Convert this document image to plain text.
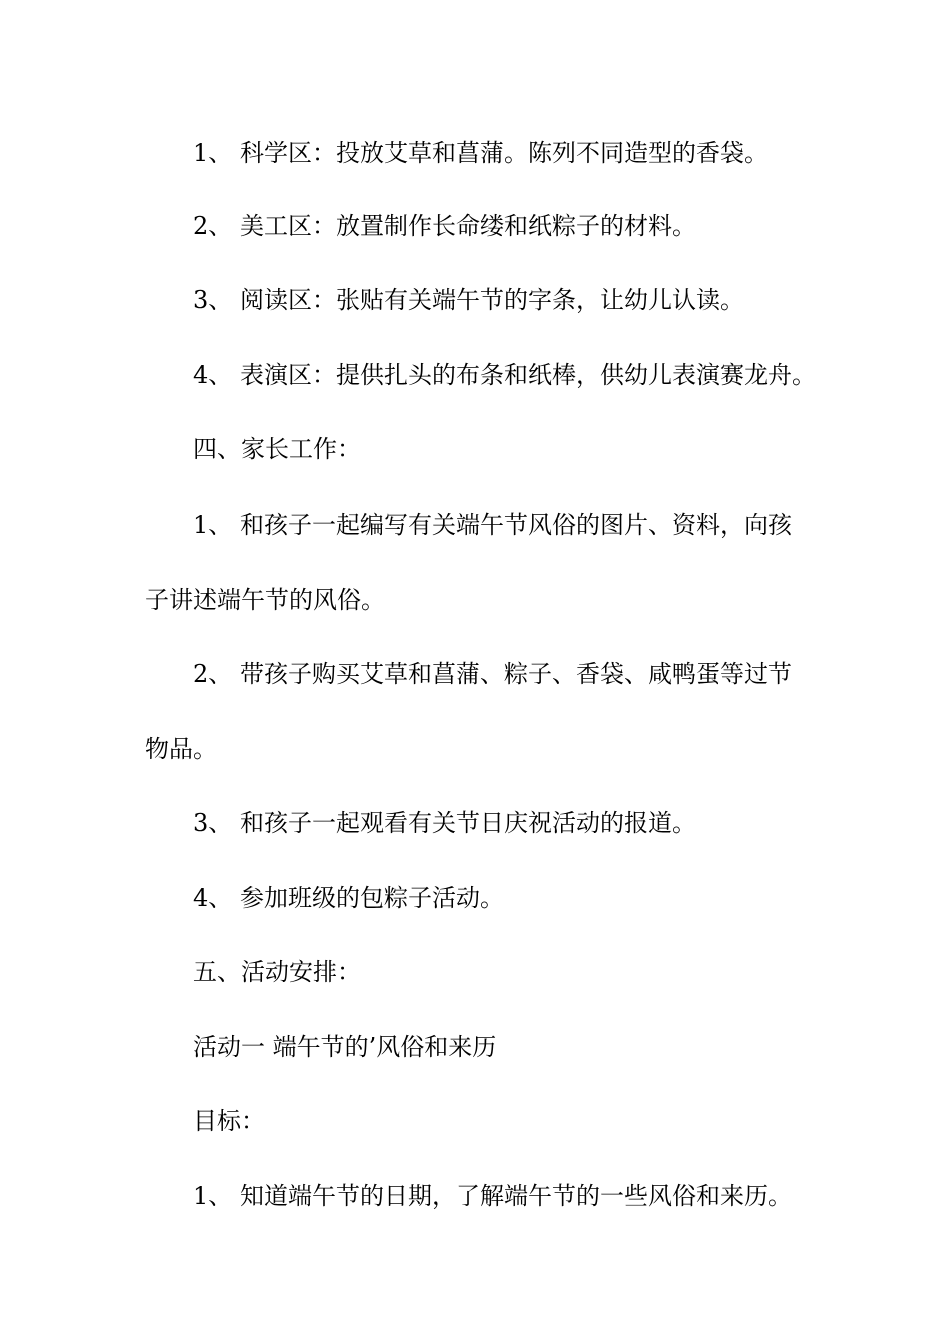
1、 科学区：投放艾草和菖蒲。陈列不同造型的香袋。
2、 美工区：放置制作长命缕和纸粽子的材料。
3、 阅读区：张贴有关端午节的字条，让幼儿认读。
4、 表演区：提供扎头的布条和纸棒，供幼儿表演赛龙舟。
四、家长工作：
1、 和孩子一起编写有关端午节风俗的图片、资料，向孩
子讲述端午节的风俗。
2、 带孩子购买艾草和菖蒲、粽子、香袋、咸鸭蛋等过节
物品。
3、 和孩子一起观看有关节日庆祝活动的报道。
4、 参加班级的包粽子活动。
五、活动安排：
活动一 端午节的’风俗和来历
目标：
1、 知道端午节的日期，了解端午节的一些风俗和来历。
